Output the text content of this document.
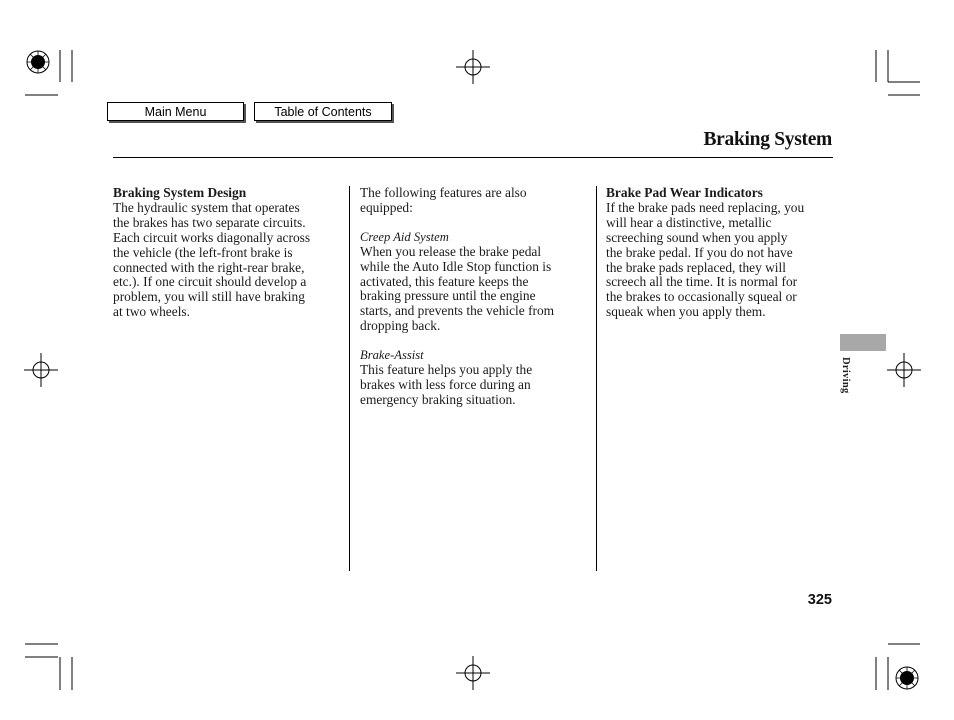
Main Menu	Table of Contents
Braking System
Braking System Design
The hydraulic system that operates
the brakes has two separate circuits.
Each circuit works diagonally across
the vehicle (the left-front brake is
connected with the right-rear brake,
etc.). If one circuit should develop a
problem, you will still have braking
at two wheels.
The following features are also
equipped:
Creep Aid System
When you release the brake pedal
while the Auto Idle Stop function is
activated, this feature keeps the
braking pressure until the engine
starts, and prevents the vehicle from
dropping back.
Brake-Assist
This feature helps you apply the
brakes with less force during an
emergency braking situation.
Brake Pad Wear Indicators
If the brake pads need replacing, you
will hear a distinctive, metallic
screeching sound when you apply
the brake pedal. If you do not have
the brake pads replaced, they will
screech all the time. It is normal for
the brakes to occasionally squeal or
squeak when you apply them.
Driving
325
